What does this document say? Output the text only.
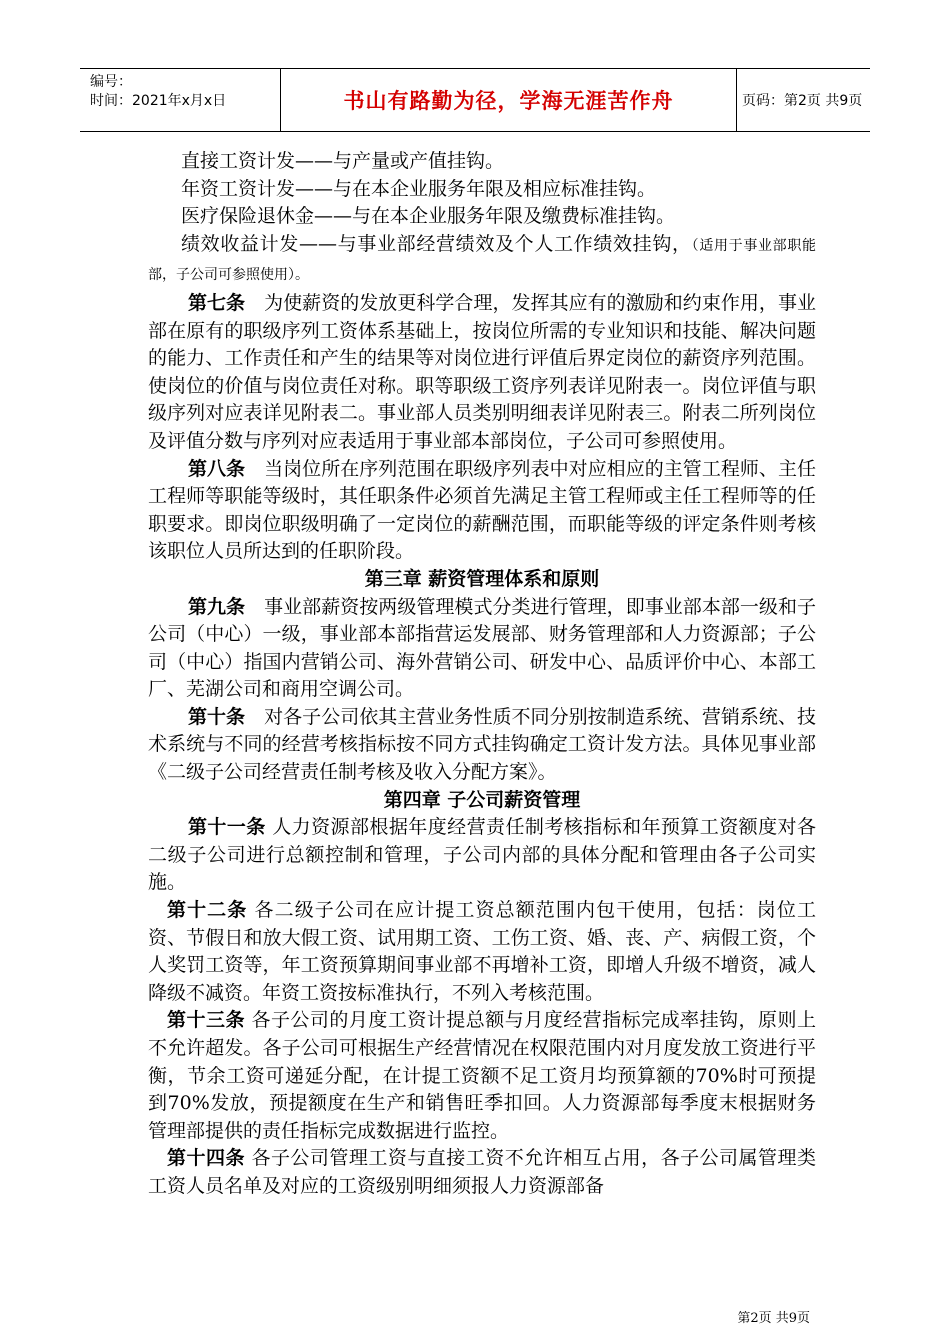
编号：
时间：2021年x月x日	书山有路勤为径，学海无涯苦作舟	页码：第2页 共9页

直接工资计发——与产量或产值挂钩。

年资工资计发——与在本企业服务年限及相应标准挂钩。

医疗保险退休金——与在本企业服务年限及缴费标准挂钩。

绩效收益计发——与事业部经营绩效及个人工作绩效挂钩，（适用于事业部职能部，子公司可参照使用）。

第七条　为使薪资的发放更科学合理，发挥其应有的激励和约束作用，事业部在原有的职级序列工资体系基础上，按岗位所需的专业知识和技能、解决问题的能力、工作责任和产生的结果等对岗位进行评值后界定岗位的薪资序列范围。使岗位的价值与岗位责任对称。职等职级工资序列表详见附表一。岗位评值与职级序列对应表详见附表二。事业部人员类别明细表详见附表三。附表二所列岗位及评值分数与序列对应表适用于事业部本部岗位，子公司可参照使用。

第八条　当岗位所在序列范围在职级序列表中对应相应的主管工程师、主任工程师等职能等级时，其任职条件必须首先满足主管工程师或主任工程师等的任职要求。即岗位职级明确了一定岗位的薪酬范围，而职能等级的评定条件则考核该职位人员所达到的任职阶段。

第三章 薪资管理体系和原则

第九条　事业部薪资按两级管理模式分类进行管理，即事业部本部一级和子公司（中心）一级，事业部本部指营运发展部、财务管理部和人力资源部；子公司（中心）指国内营销公司、海外营销公司、研发中心、品质评价中心、本部工厂、芜湖公司和商用空调公司。

第十条　对各子公司依其主营业务性质不同分别按制造系统、营销系统、技术系统与不同的经营考核指标按不同方式挂钩确定工资计发方法。具体见事业部《二级子公司经营责任制考核及收入分配方案》。

第四章 子公司薪资管理

第十一条 人力资源部根据年度经营责任制考核指标和年预算工资额度对各二级子公司进行总额控制和管理，子公司内部的具体分配和管理由各子公司实施。

第十二条 各二级子公司在应计提工资总额范围内包干使用，包括：岗位工资、节假日和放大假工资、试用期工资、工伤工资、婚、丧、产、病假工资，个人奖罚工资等，年工资预算期间事业部不再增补工资，即增人升级不增资，减人降级不减资。年资工资按标准执行，不列入考核范围。

第十三条 各子公司的月度工资计提总额与月度经营指标完成率挂钩，原则上不允许超发。各子公司可根据生产经营情况在权限范围内对月度发放工资进行平衡，节余工资可递延分配，在计提工资额不足工资月均预算额的70%时可预提到70%发放，预提额度在生产和销售旺季扣回。人力资源部每季度末根据财务管理部提供的责任指标完成数据进行监控。

第十四条 各子公司管理工资与直接工资不允许相互占用，各子公司属管理类工资人员名单及对应的工资级别明细须报人力资源部备

第2页 共9页
